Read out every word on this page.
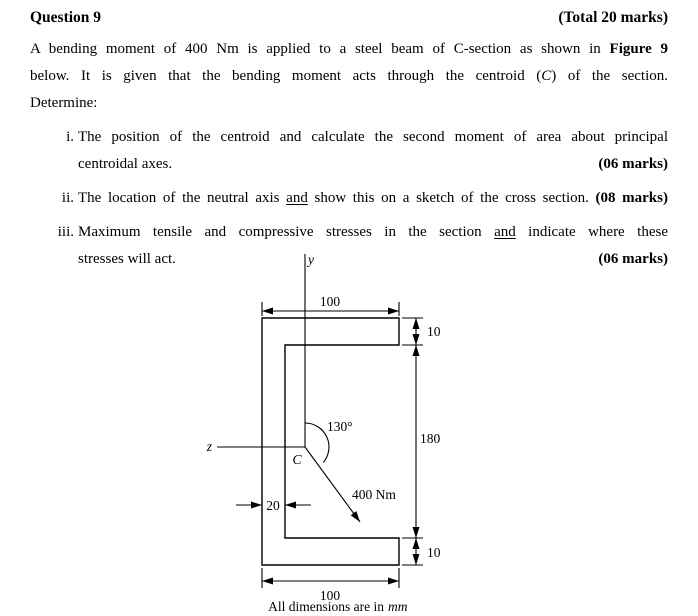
Question 9	(Total 20 marks)
A bending moment of 400 Nm is applied to a steel beam of C-section as shown in Figure 9
below. It is given that the bending moment acts through the centroid (C) of the section.
Determine:
i. The position of the centroid and calculate the second moment of area about principal
centroidal axes.	(06 marks)
ii. The location of the neutral axis and show this on a sketch of the cross section. (08 marks)
iii. Maximum tensile and compressive stresses in the section and indicate where these
stresses will act.	(06 marks)
y
z
C
130°
400 Nm
100
10
180
10
20
100
All dimensions are in mm
